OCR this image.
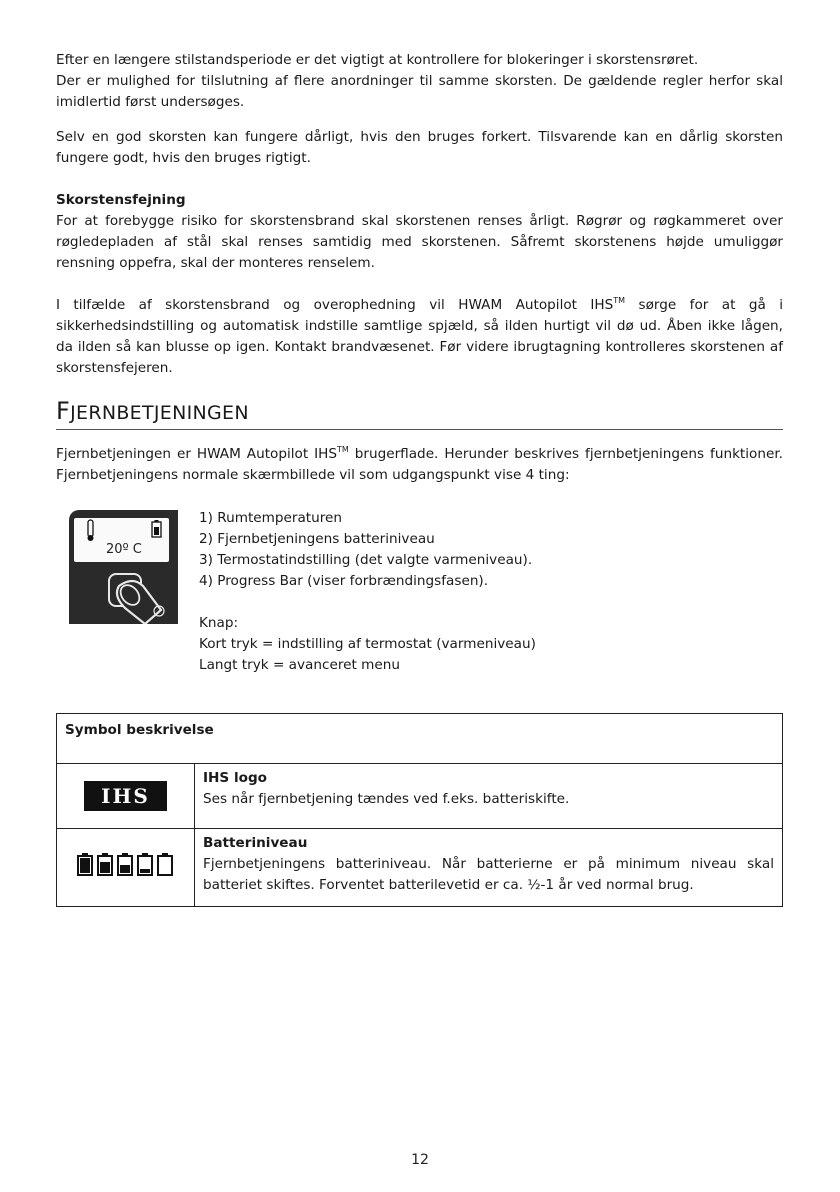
Efter en længere stilstandsperiode er det vigtigt at kontrollere for blokeringer i skorstensrøret.

Der er mulighed for tilslutning af flere anordninger til samme skorsten. De gældende regler herfor skal imidlertid først undersøges.

Selv en god skorsten kan fungere dårligt, hvis den bruges forkert. Tilsvarende kan en dårlig skorsten fungere godt, hvis den bruges rigtigt.

Skorstensfejning

For at forebygge risiko for skorstensbrand skal skorstenen renses årligt. Røgrør og røgkammeret over røgledepladen af stål skal renses samtidig med skorstenen. Såfremt skorstenens højde umuliggør rensning oppefra, skal der monteres renselem.

I tilfælde af skorstensbrand og overophedning vil HWAM Autopilot IHS™ sørge for at gå i sikkerhedsindstilling og automatisk indstille samtlige spjæld, så ilden hurtigt vil dø ud. Åben ikke lågen, da ilden så kan blusse op igen. Kontakt brandvæsenet. Før videre ibrugtagning kontrolleres skorstenen af skorstensfejeren.

FJERNBETJENINGEN

Fjernbetjeningen er HWAM Autopilot IHS™ brugerflade. Herunder beskrives fjernbetjeningens funktioner. Fjernbetjeningens normale skærmbillede vil som udgangspunkt vise 4 ting:

20º C
1) Rumtemperaturen
2) Fjernbetjeningens batteriniveau
3) Termostatindstilling (det valgte varmeniveau).
4) Progress Bar (viser forbrændingsfasen).
Knap:
Kort tryk = indstilling af termostat (varmeniveau)
Langt tryk = avanceret menu
Symbol beskrivelse	
IHS	IHS logo
Ses når fjernbetjening tændes ved f.eks. batteriskifte.

Batteriniveau
Fjernbetjeningens batteriniveau. Når batterierne er på minimum niveau skal batteriet skiftes. Forventet batterilevetid er ca. ½-1 år ved normal brug.
12
